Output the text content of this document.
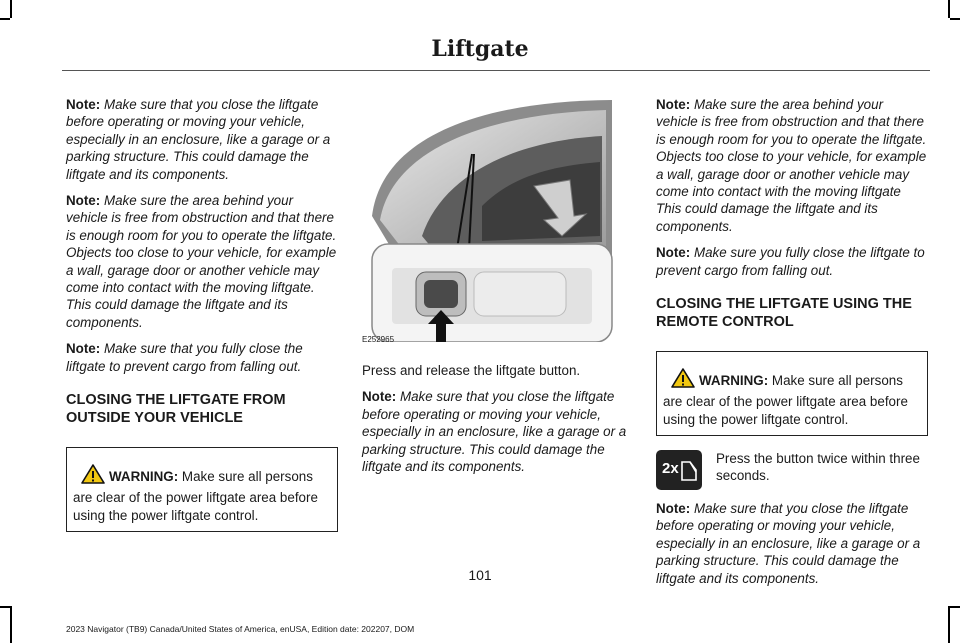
Liftgate

Note: Make sure that you close the liftgate before operating or moving your vehicle, especially in an enclosure, like a garage or a parking structure. This could damage the liftgate and its components.

Note: Make sure the area behind your vehicle is free from obstruction and that there is enough room for you to operate the liftgate. Objects too close to your vehicle, for example a wall, garage door or another vehicle may come into contact with the moving liftgate. This could damage the liftgate and its components.

Note: Make sure that you fully close the liftgate to prevent cargo from falling out.

CLOSING THE LIFTGATE FROM OUTSIDE YOUR VEHICLE
WARNING: Make sure all persons are clear of the power liftgate area before using the power liftgate control.
E252965

Press and release the liftgate button.

Note: Make sure that you close the liftgate before operating or moving your vehicle, especially in an enclosure, like a garage or a parking structure. This could damage the liftgate and its components.

Note: Make sure the area behind your vehicle is free from obstruction and that there is enough room for you to operate the liftgate. Objects too close to your vehicle, for example a wall, garage door or another vehicle may come into contact with the moving liftgate This could damage the liftgate and its components.

Note: Make sure you fully close the liftgate to prevent cargo from falling out.

CLOSING THE LIFTGATE USING THE REMOTE CONTROL
WARNING: Make sure all persons are clear of the power liftgate area before using the power liftgate control.
2x
Press the button twice within three seconds.

Note: Make sure that you close the liftgate before operating or moving your vehicle, especially in an enclosure, like a garage or a parking structure. This could damage the liftgate and its components.

101
2023 Navigator (TB9) Canada/United States of America, enUSA, Edition date: 202207, DOM
